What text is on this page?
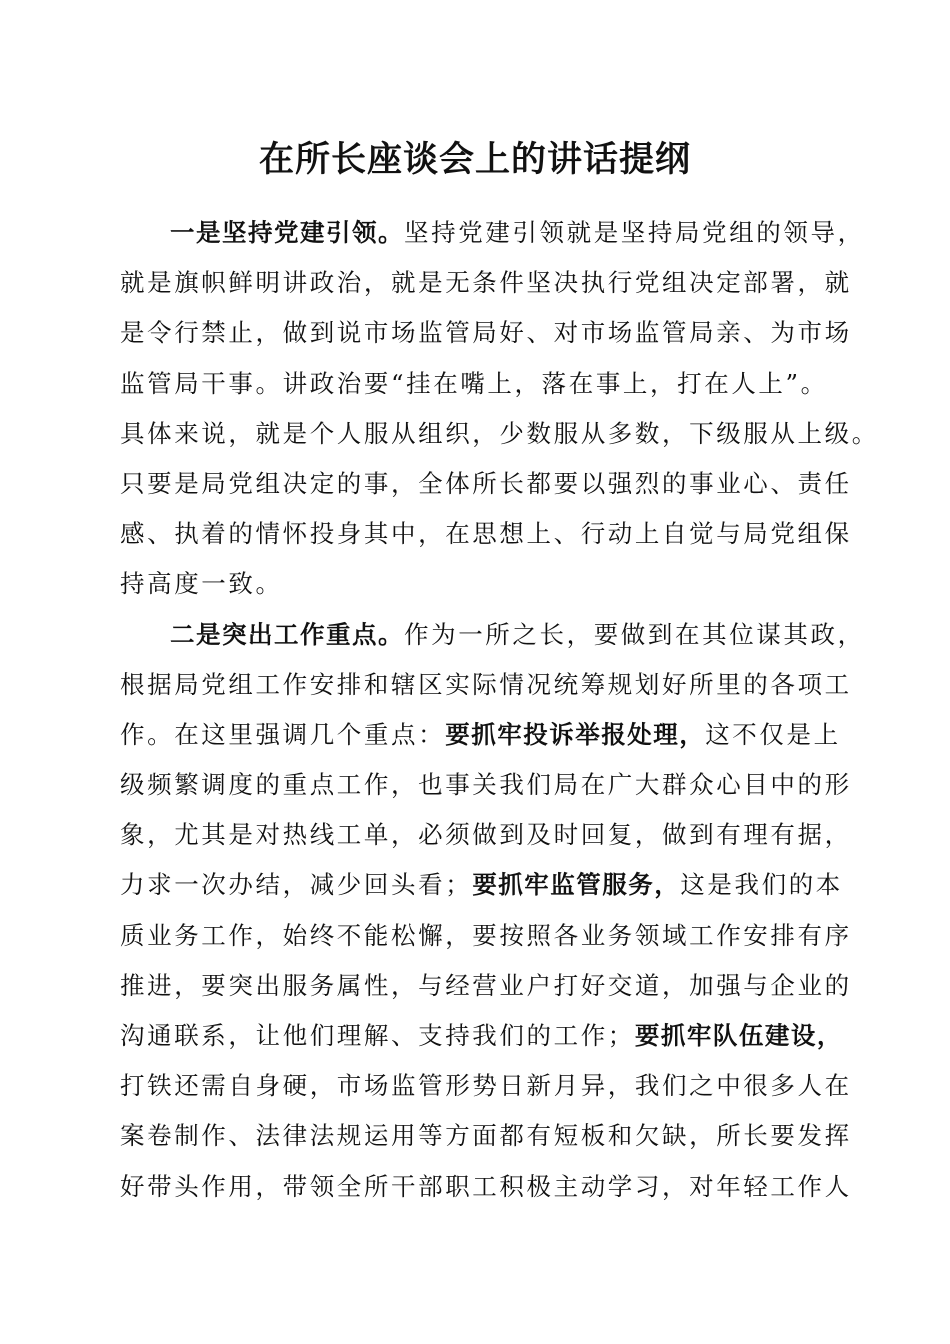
在所长座谈会上的讲话提纲
一是坚持党建引领。坚持党建引领就是坚持局党组的领导，
就是旗帜鲜明讲政治，就是无条件坚决执行党组决定部署，就
是令行禁止，做到说市场监管局好、对市场监管局亲、为市场
监管局干事。讲政治要“挂在嘴上，落在事上，打在人上”。
具体来说，就是个人服从组织，少数服从多数，下级服从上级。
只要是局党组决定的事，全体所长都要以强烈的事业心、责任
感、执着的情怀投身其中，在思想上、行动上自觉与局党组保
持高度一致。
二是突出工作重点。作为一所之长，要做到在其位谋其政，
根据局党组工作安排和辖区实际情况统筹规划好所里的各项工
作。在这里强调几个重点：要抓牢投诉举报处理，这不仅是上
级频繁调度的重点工作，也事关我们局在广大群众心目中的形
象，尤其是对热线工单，必须做到及时回复，做到有理有据，
力求一次办结，减少回头看；要抓牢监管服务，这是我们的本
质业务工作，始终不能松懈，要按照各业务领域工作安排有序
推进，要突出服务属性，与经营业户打好交道，加强与企业的
沟通联系，让他们理解、支持我们的工作；要抓牢队伍建设，
打铁还需自身硬，市场监管形势日新月异，我们之中很多人在
案卷制作、法律法规运用等方面都有短板和欠缺，所长要发挥
好带头作用，带领全所干部职工积极主动学习，对年轻工作人
